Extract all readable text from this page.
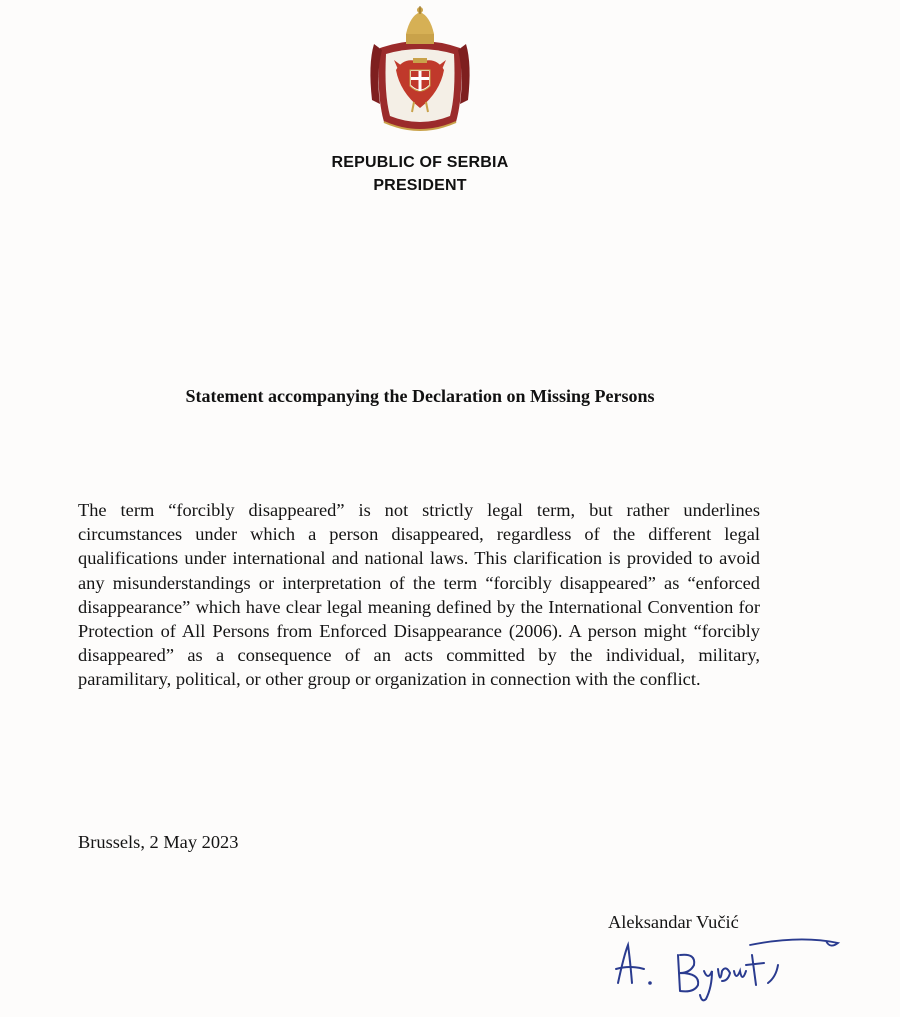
REPUBLIC OF SERBIA
PRESIDENT
Statement accompanying the Declaration on Missing Persons
The term “forcibly disappeared” is not strictly legal term, but rather underlines circumstances under which a person disappeared, regardless of the different legal qualifications under international and national laws. This clarification is provided to avoid any misunderstandings or interpretation of the term “forcibly disappeared” as “enforced disappearance” which have clear legal meaning defined by the International Convention for Protection of All Persons from Enforced Disappearance (2006). A person might “forcibly disappeared” as a consequence of an acts committed by the individual, military, paramilitary, political, or other group or organization in connection with the conflict.
Brussels, 2 May 2023
Aleksandar Vučić
